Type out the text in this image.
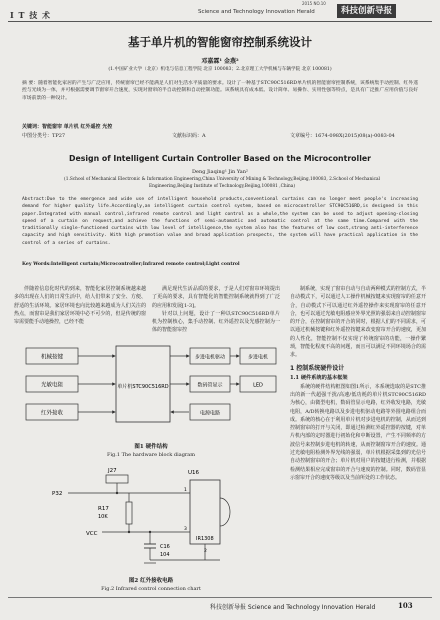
I T 技 术
2015 NO.10
Science and Technology Innovation Herald	科技创新导报
基于单片机的智能窗帘控制系统设计
邓嘉霖¹ 金燕²
(1.中国矿业大学（北京）机电与信息工程学院 北京 100083；2.北京理工大学机械与车辆学院 北京 100081)
摘 要：随着智能化家居的产生与广泛应用，传统窗帘已经不能满足人们对生活水平质量的要求。设计了一种基于STC90C516RD单片机的智能窗帘控制系统，该系统集手动控制、红外遥控与光线为一体，并可根据需要调节窗帘开合速度，实现对窗帘的半自动控制和自动控制功能。该系统具有成本低、设计简单、易操作、实用性强等特点，是具有广泛推广应用价值与良好市场前景的一种设计。
关键词：智能窗帘 单片机 红外遥控 光控
中图分类号：TP27	文献标识码：A	文章编号：1674-098X(2015)08(a)-0083-04
Design of Intelligent Curtain Controller Based on the Microcontroller
Deng Jiaqing¹ Jin Yan²
(1.School of Mechanical Electronic & Information Engineering,China University of Mining & Technology,Beijing,100083, 2.School of Mechanical
Engineering,Beijing Institute of Technology,Beijing,100081 ,China)
Abstract:Due to the emergence and wide use of intelligent household products,conventional curtains can no longer meet people's increasing demand for higher quality life.Accordingly,an intelligent curtain control system, based on microcontroller STC90C516RD,is designed in this paper.Integrated with manual control,infrared remote control and light control as a whole,the system can be used to adjust opening-closing speed of a curtain on request,and achieve the functions of semi-automatic and automatic control at the same time.Compared with the traditionally single-functioned curtains with low level of intelligence,the system also has the features of low cost,strong anti-interference capacity and high sensitivity. With high promotion value and broad application prospects, the system will have practical application in the control of a series of curtains.
Key Words:Intelligent curtain;Microcontroller;Infrared remote control;Light control

伴随着信息化时代的到来，智能化家居控制系统越来越多的出现在人们的日常生活中，给人们带来了安全、方便、舒适的生活环境。家居环境也向比较越来越成为人们关注的热点，而窗帘是我们家居环境中必不可少的，但是传统的窗帘需要能手动地操控，已经不能

满足现代生活品质的要求，于是人们对窗帘环境提出了更高的要求，具有智能化的智能控制系统就得到了广泛的应用和发展[1-3]。

针对以上问题，设计了一种以STC90C516RD单片机为控制核心，集手动控制、红外遥控以及光感控制为一体的智能窗帘控

制系统，实现了窗帘自动与自动两种模式的控制方式，半自动模式下，可以通过人工操作机械按键来实现窗帘的任意开合，自动模式下可以通过红外遥控操作来实现窗帘的任意开合，也可以通过光敏电阻感应外界光照的强弱来自动控制窗帘的开合，在控制窗帘的开合的同时，根据人们的不同需求，可以通过机械按键和红外遥控按键来改变窗帘开合的速度，更加的人性化，智能控制不仅实现了传统窗帘的功能，一操作繁琐，智能化程度不高的问题，而且可以满足不同环境场合的需求。

1 控制系统硬件设计
1.1 硬件系统的基本框架

系统的硬件结构框图如图1所示，本系统选取的是STC推出的新一代超强干扰/高速/低功耗的单片机STC90C516RD为核心，由微型电机，数码管显示电路，红外收发电路，光敏电阻，A/D转换电路以及步进电机驱动电路等外围电路组合而成。系统的核心在于利用单片机对步进电机的控制，从而达到控制窗帘的打开与关闭，即通过检测红外遥控器的按键，对单片机内部的定时器进行初始化和中断设置，产生不同频率的方波信号来控制步进电机的转速，从而控制窗帘开合的速度。通过光敏电阻检测外界光线的强弱，单片机根据采集到的光信号自动控制窗帘的开合；单片机对用户的按键进行检测，并根据检测结果相应完成窗帘的开合与速度的控制。同时，数码管显示窗帘开合的速度等级以及当前所处的工作状态。

机械按键
光敏电阻
红外接收
单片机STC90C516RD
步进电机驱动	步进电机
数码管显示	LED
电源电路
图1 硬件结构
Fig.1 The hardware block diagram
J27
P32
R17
10K
VCC
C16
104
U16
1
3
2
IR1308
图2 红外接收电路
Fig.2 Infrared control connection chart
科技创新导报 Science and Technology Innovation Herald	103
